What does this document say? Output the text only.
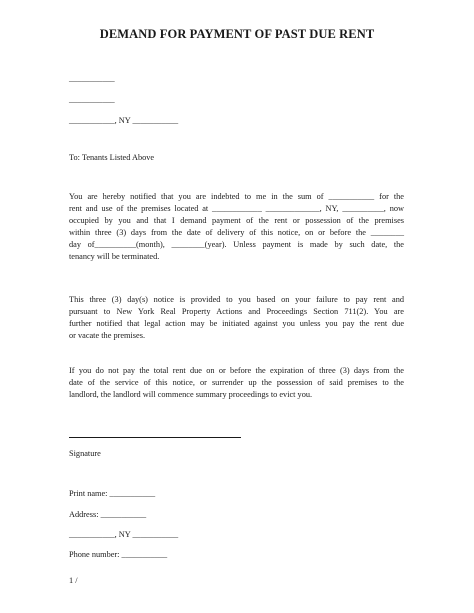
DEMAND FOR PAYMENT OF PAST DUE RENT
___________
___________
___________, NY ___________
To: Tenants Listed Above

You are hereby notified that you are indebted to me in the sum of ___________ for the
rent and use of the premises located at ____________ _____________, NY, __________, now
occupied by you and that I demand payment of the rent or possession of the premises
within three (3) days from the date of delivery of this notice, on or before the ________
day of__________(month), ________(year). Unless payment is made by such date, the
tenancy will be terminated.

This three (3) day(s) notice is provided to you based on your failure to pay rent and
pursuant to New York Real Property Actions and Proceedings Section 711(2). You are
further notified that legal action may be initiated against you unless you pay the rent due
or vacate the premises.

If you do not pay the total rent due on or before the expiration of three (3) days from the
date of the service of this notice, or surrender up the possession of said premises to the
landlord, the landlord will commence summary proceedings to evict you.

Signature
Print name: ___________
Address: ___________
___________, NY ___________
Phone number: ___________
1 /
